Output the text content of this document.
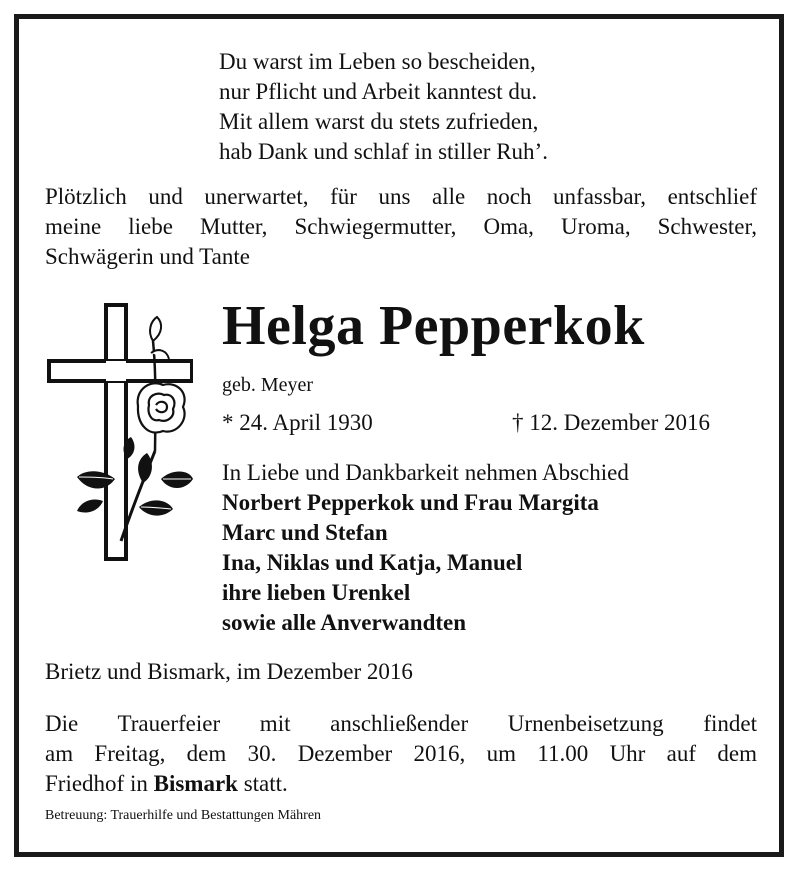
Du warst im Leben so bescheiden,
nur Pflicht und Arbeit kanntest du.
Mit allem warst du stets zufrieden,
hab Dank und schlaf in stiller Ruh’.
Plötzlich und unerwartet, für uns alle noch unfassbar, entschlief
meine liebe Mutter, Schwiegermutter, Oma, Uroma, Schwester,
Schwägerin und Tante
Helga Pepperkok
geb. Meyer
* 24. April 1930	† 12. Dezember 2016
In Liebe und Dankbarkeit nehmen Abschied
Norbert Pepperkok und Frau Margita
Marc und Stefan
Ina, Niklas und Katja, Manuel
ihre lieben Urenkel
sowie alle Anverwandten
Brietz und Bismark, im Dezember 2016
Die Trauerfeier mit anschließender Urnenbeisetzung findet
am Freitag, dem 30. Dezember 2016, um 11.00 Uhr auf dem
Friedhof in Bismark statt.
Betreuung: Trauerhilfe und Bestattungen Mähren
